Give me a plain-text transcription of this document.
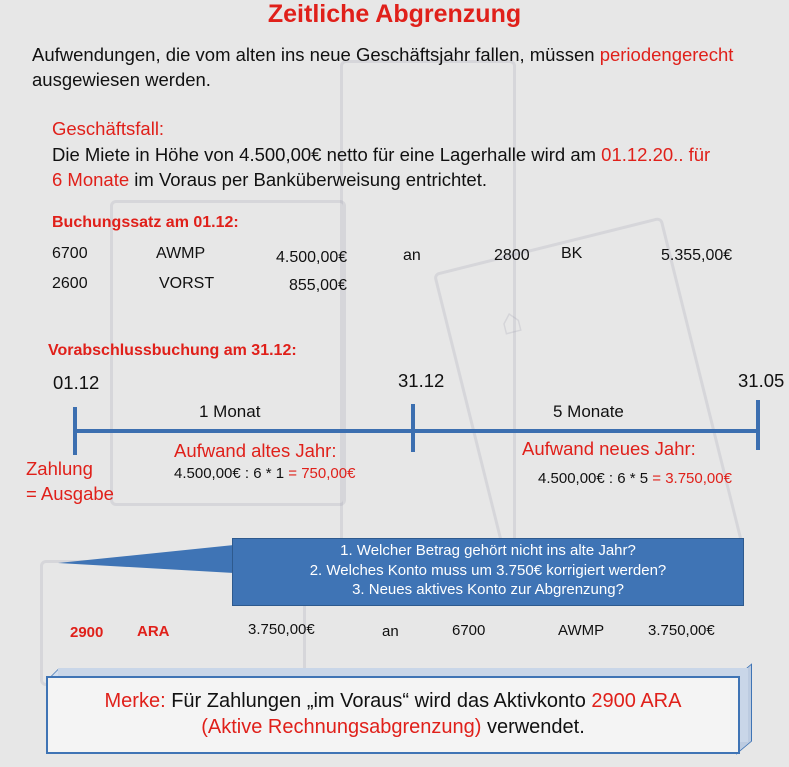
⌂
Zeitliche Abgrenzung
Aufwendungen, die vom alten ins neue Geschäftsjahr fallen, müssen periodengerecht ausgewiesen werden.
Geschäftsfall:
Die Miete in Höhe von 4.500,00€ netto für eine Lagerhalle wird am 01.12.20.. für
6 Monate im Voraus per Banküberweisung entrichtet.
Buchungssatz am 01.12:
6700	AWMP	4.500,00€	an	2800 BK	5.355,00€
2600	VORST	855,00€
Vorabschlussbuchung am 31.12:
01.12	31.12	31.05
1 Monat	5 Monate
Zahlung
= Ausgabe
Aufwand altes Jahr:
4.500,00€ : 6 * 1 = 750,00€
Aufwand neues Jahr:
4.500,00€ : 6 * 5 = 3.750,00€
1. Welcher Betrag gehört nicht ins alte Jahr?
2. Welches Konto muss um 3.750€ korrigiert werden?
3. Neues aktives Konto zur Abgrenzung?
2900 ARA	3.750,00€	an	6700	AWMP	3.750,00€
Merke: Für Zahlungen „im Voraus“ wird das Aktivkonto 2900 ARA
(Aktive Rechnungsabgrenzung) verwendet.
